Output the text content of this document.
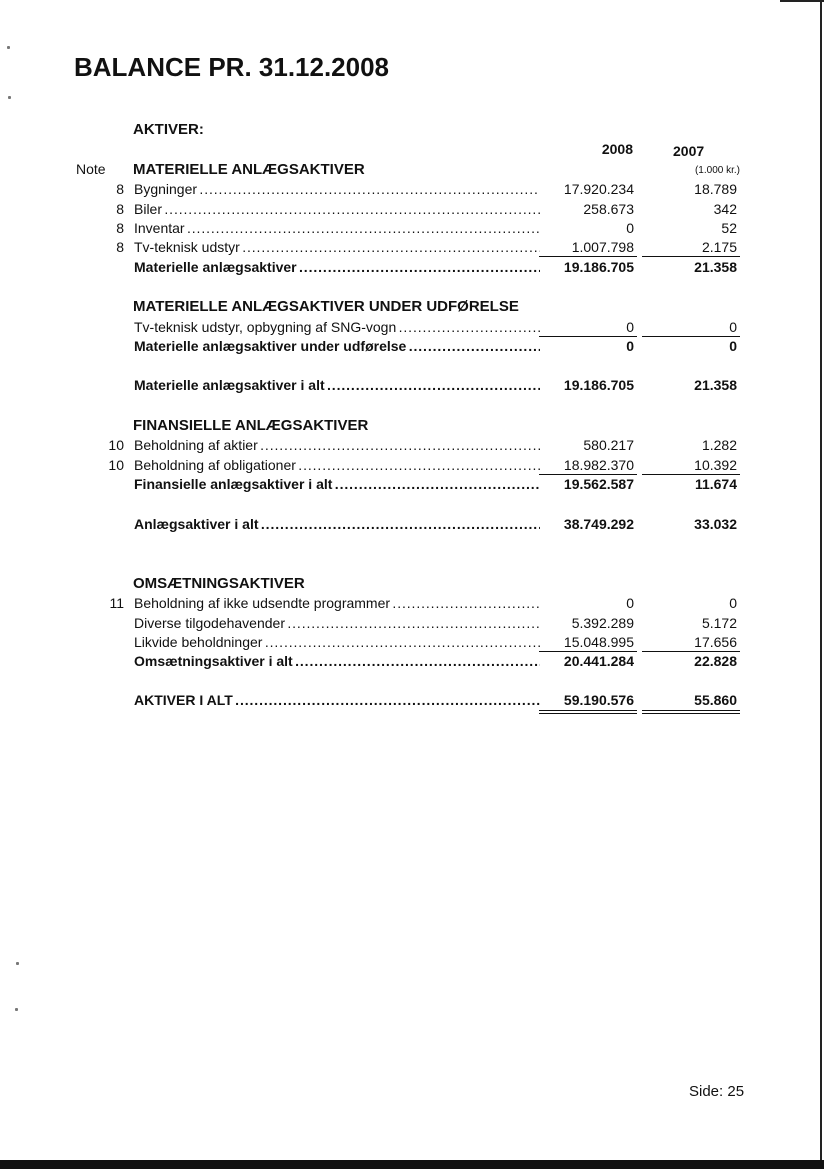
BALANCE PR. 31.12.2008
AKTIVER:
2008	2007
(1.000 kr.)
Note MATERIELLE ANLÆGSAKTIVER
8 Bygninger . . .	17.920.234	18.789
8 Biler . . .	258.673	342
8 Inventar . . .	0	52
8 Tv-teknisk udstyr . . .	1.007.798	2.175
Materielle anlægsaktiver . . .	19.186.705	21.358
MATERIELLE ANLÆGSAKTIVER UNDER UDFØRELSE
Tv-teknisk udstyr, opbygning af SNG-vogn . . .	0	0
Materielle anlægsaktiver under udførelse . . .	0	0
Materielle anlægsaktiver i alt . . .	19.186.705	21.358
FINANSIELLE ANLÆGSAKTIVER
10 Beholdning af aktier . . .	580.217	1.282
10 Beholdning af obligationer . . .	18.982.370	10.392
Finansielle anlægsaktiver i alt . . .	19.562.587	11.674
Anlægsaktiver i alt . . .	38.749.292	33.032
OMSÆTNINGSAKTIVER
11 Beholdning af ikke udsendte programmer . . .	0	0
Diverse tilgodehavender . . .	5.392.289	5.172
Likvide beholdninger . . .	15.048.995	17.656
Omsætningsaktiver i alt . . .	20.441.284	22.828
AKTIVER I ALT . . .	59.190.576	55.860
Side: 25
